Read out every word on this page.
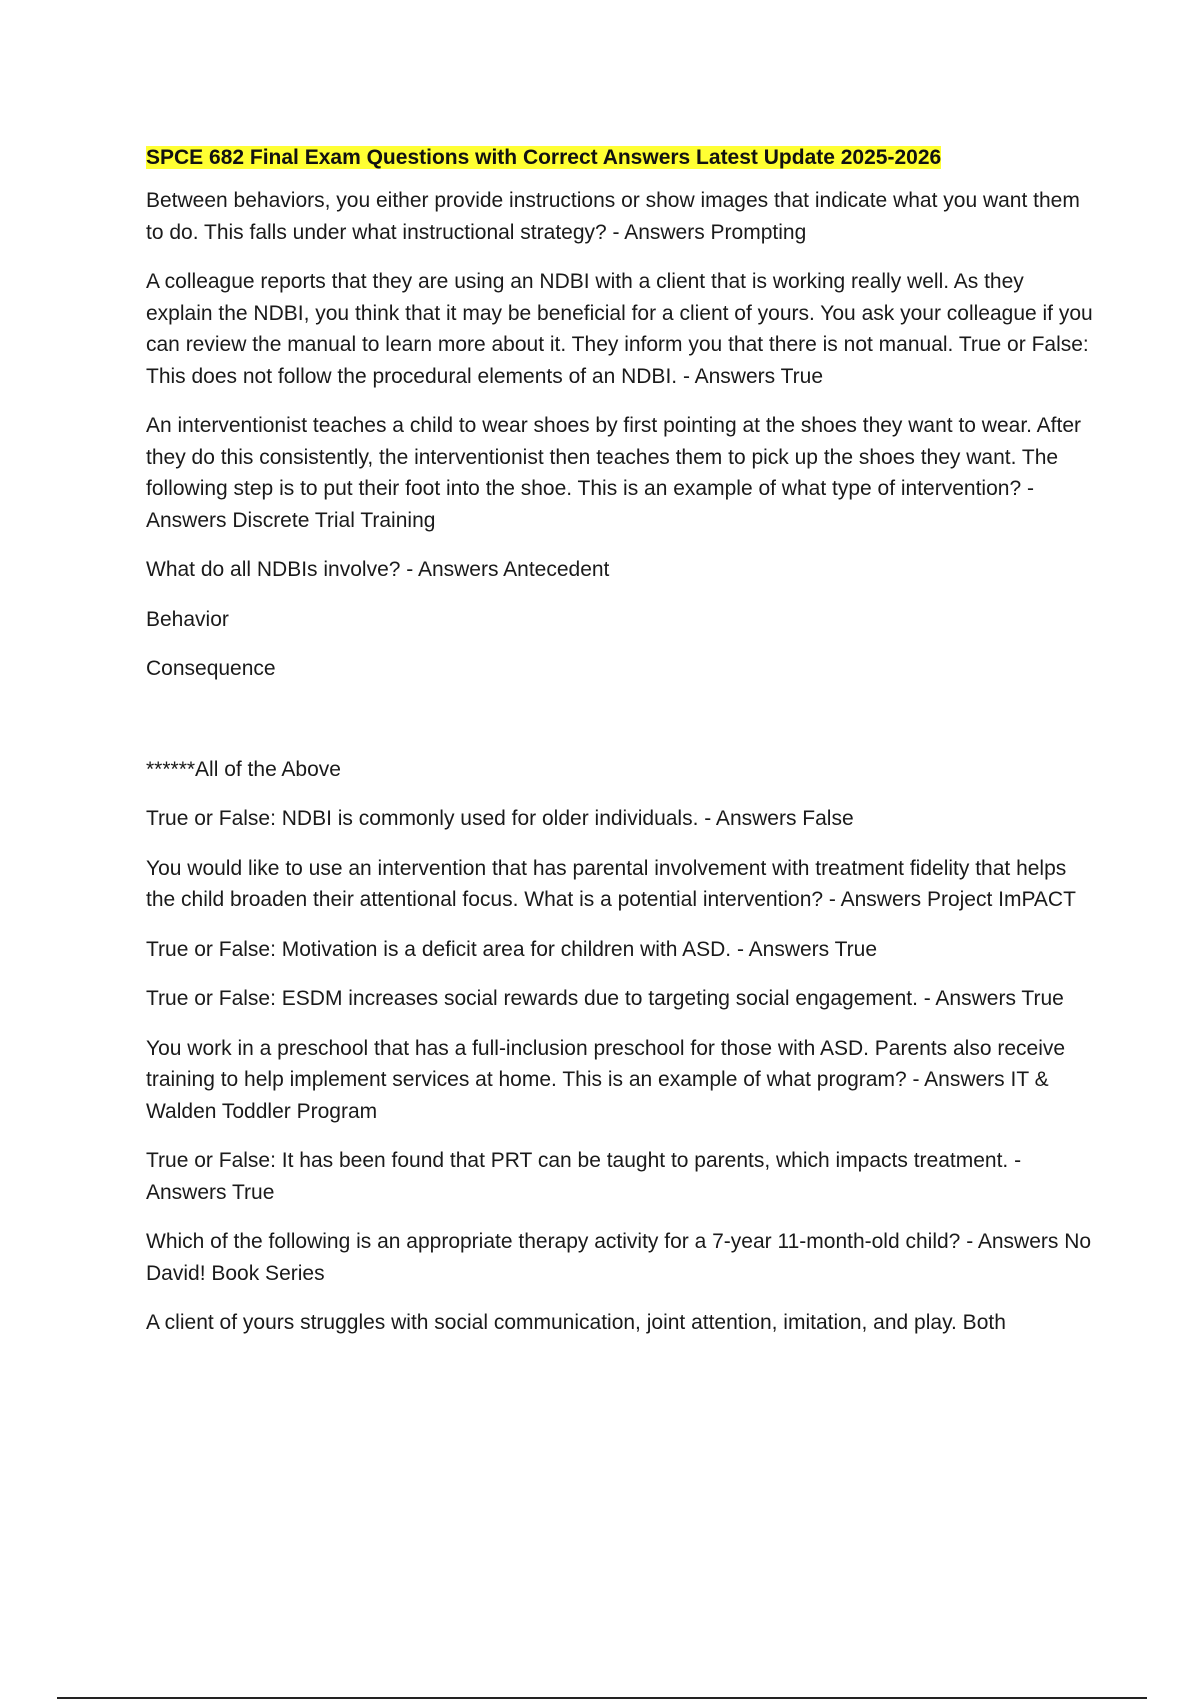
SPCE 682 Final Exam Questions with Correct Answers Latest Update 2025-2026

Between behaviors, you either provide instructions or show images that indicate what you want them to do. This falls under what instructional strategy? - Answers Prompting

A colleague reports that they are using an NDBI with a client that is working really well. As they explain the NDBI, you think that it may be beneficial for a client of yours. You ask your colleague if you can review the manual to learn more about it. They inform you that there is not manual. True or False: This does not follow the procedural elements of an NDBI. - Answers True

An interventionist teaches a child to wear shoes by first pointing at the shoes they want to wear. After they do this consistently, the interventionist then teaches them to pick up the shoes they want. The following step is to put their foot into the shoe. This is an example of what type of intervention? - Answers Discrete Trial Training

What do all NDBIs involve? - Answers Antecedent

Behavior

Consequence

******All of the Above

True or False: NDBI is commonly used for older individuals. - Answers False

You would like to use an intervention that has parental involvement with treatment fidelity that helps the child broaden their attentional focus. What is a potential intervention? - Answers Project ImPACT

True or False: Motivation is a deficit area for children with ASD. - Answers True

True or False: ESDM increases social rewards due to targeting social engagement. - Answers True

You work in a preschool that has a full-inclusion preschool for those with ASD. Parents also receive training to help implement services at home. This is an example of what program? - Answers IT & Walden Toddler Program

True or False: It has been found that PRT can be taught to parents, which impacts treatment. - Answers True

Which of the following is an appropriate therapy activity for a 7-year 11-month-old child? - Answers No David! Book Series

A client of yours struggles with social communication, joint attention, imitation, and play. Both
